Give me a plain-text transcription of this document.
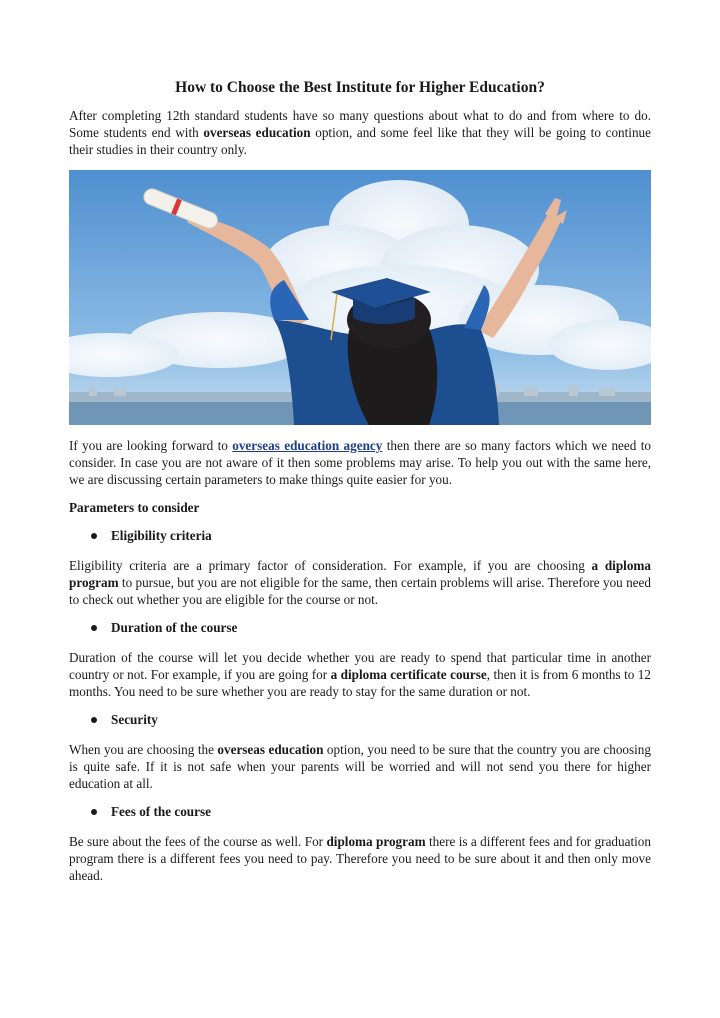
How to Choose the Best Institute for Higher Education?

After completing 12th standard students have so many questions about what to do and from where to do. Some students end with overseas education option, and some feel like that they will be going to continue their studies in their country only.

If you are looking forward to overseas education agency then there are so many factors which we need to consider. In case you are not aware of it then some problems may arise. To help you out with the same here, we are discussing certain parameters to make things quite easier for you.

Parameters to consider
Eligibility criteria

Eligibility criteria are a primary factor of consideration. For example, if you are choosing a diploma program to pursue, but you are not eligible for the same, then certain problems will arise. Therefore you need to check out whether you are eligible for the course or not.

Duration of the course

Duration of the course will let you decide whether you are ready to spend that particular time in another country or not. For example, if you are going for a diploma certificate course, then it is from 6 months to 12 months. You need to be sure whether you are ready to stay for the same duration or not.

Security

When you are choosing the overseas education option, you need to be sure that the country you are choosing is quite safe. If it is not safe when your parents will be worried and will not send you there for higher education at all.

Fees of the course

Be sure about the fees of the course as well. For diploma program there is a different fees and for graduation program there is a different fees you need to pay. Therefore you need to be sure about it and then only move ahead.
